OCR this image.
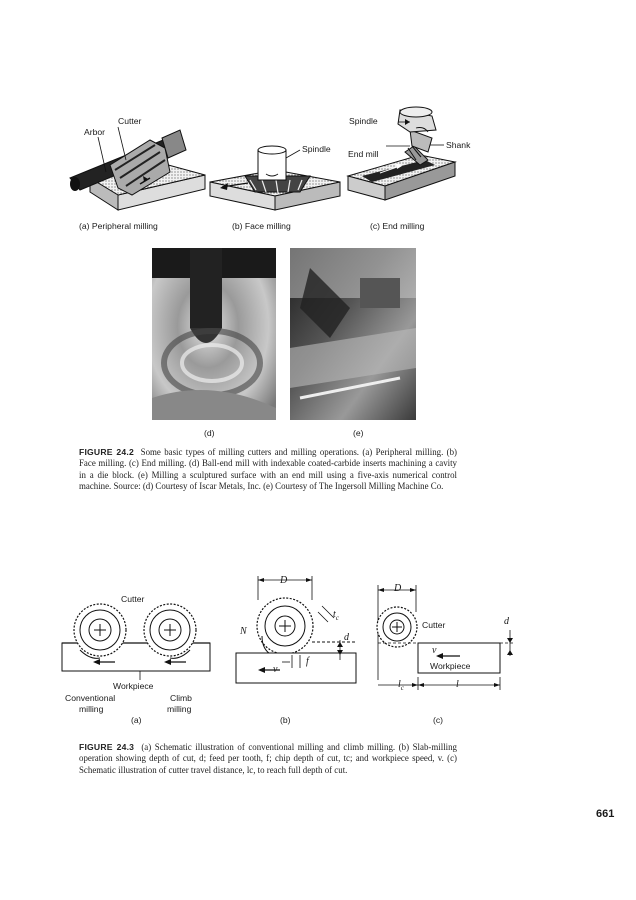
Cutter
Arbor
Spindle
Spindle
End mill
Shank
(a) Peripheral milling	(b) Face milling	(c) End milling
(d)	(e)
FIGURE 24.2 Some basic types of milling cutters and milling operations. (a) Peripheral milling. (b) Face milling. (c) End milling. (d) Ball-end mill with indexable coated-carbide inserts machining a cavity in a die block. (e) Milling a sculptured surface with an end mill using a five-axis numerical control machine. Source: (d) Courtesy of Iscar Metals, Inc. (e) Courtesy of The Ingersoll Milling Machine Co.
Cutter
Workpiece
Conventional
milling
Climb
milling
D
$t_c$
N
d
f
v
D
Cutter	d
v
Workpiece
$l_c$	l
(a)	(b)	(c)
FIGURE 24.3 (a) Schematic illustration of conventional milling and climb milling. (b) Slab-milling operation showing depth of cut, d; feed per tooth, f; chip depth of cut, tc; and workpiece speed, v. (c) Schematic illustration of cutter travel distance, lc, to reach full depth of cut.
661
